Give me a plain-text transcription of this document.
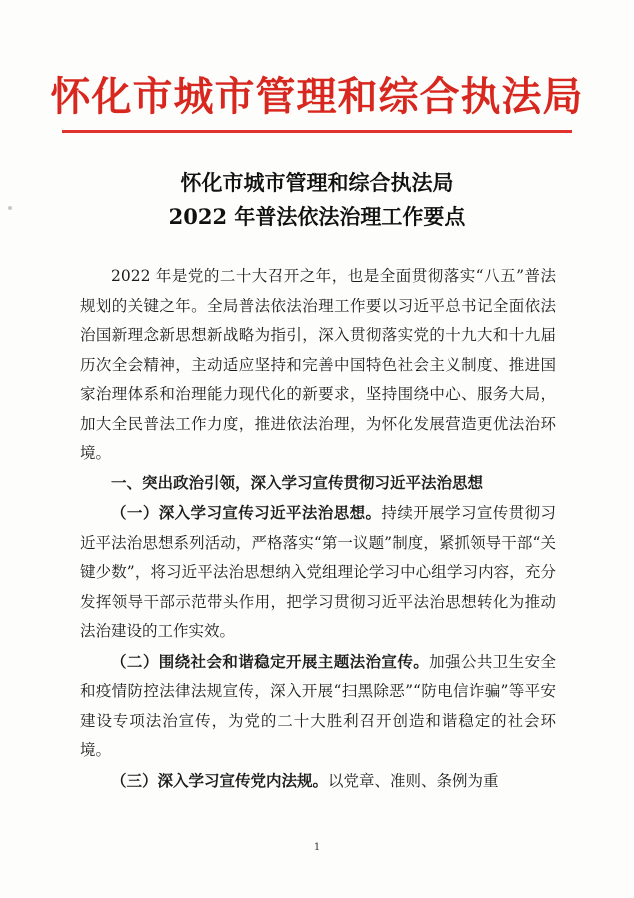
怀化市城市管理和综合执法局
怀化市城市管理和综合执法局
2022 年普法依法治理工作要点

2022 年是党的二十大召开之年，也是全面贯彻落实“八五”普法规划的关键之年。全局普法依法治理工作要以习近平总书记全面依法治国新理念新思想新战略为指引，深入贯彻落实党的十九大和十九届历次全会精神，主动适应坚持和完善中国特色社会主义制度、推进国家治理体系和治理能力现代化的新要求，坚持围绕中心、服务大局，加大全民普法工作力度，推进依法治理，为怀化发展营造更优法治环境。

一、突出政治引领，深入学习宣传贯彻习近平法治思想

（一）深入学习宣传习近平法治思想。持续开展学习宣传贯彻习近平法治思想系列活动，严格落实“第一议题”制度，紧抓领导干部“关键少数”，将习近平法治思想纳入党组理论学习中心组学习内容，充分发挥领导干部示范带头作用，把学习贯彻习近平法治思想转化为推动法治建设的工作实效。

（二）围绕社会和谐稳定开展主题法治宣传。加强公共卫生安全和疫情防控法律法规宣传，深入开展“扫黑除恶”“防电信诈骗”等平安建设专项法治宣传，为党的二十大胜利召开创造和谐稳定的社会环境。

（三）深入学习宣传党内法规。以党章、准则、条例为重

1
